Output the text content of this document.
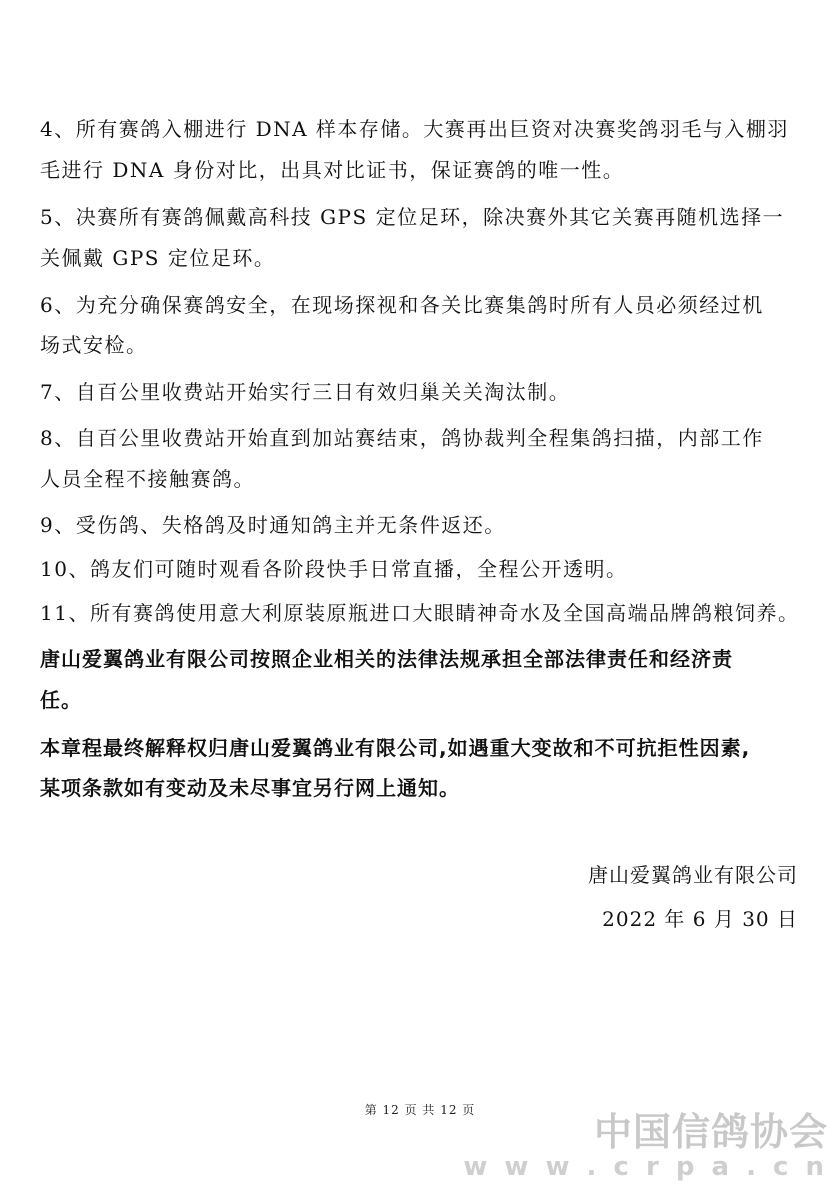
4、所有赛鸽入棚进行 DNA 样本存储。大赛再出巨资对决赛奖鸽羽毛与入棚羽
毛进行 DNA 身份对比，出具对比证书，保证赛鸽的唯一性。
5、决赛所有赛鸽佩戴高科技 GPS 定位足环，除决赛外其它关赛再随机选择一
关佩戴 GPS 定位足环。
6、为充分确保赛鸽安全，在现场探视和各关比赛集鸽时所有人员必须经过机
场式安检。
7、自百公里收费站开始实行三日有效归巢关关淘汰制。
8、自百公里收费站开始直到加站赛结束，鸽协裁判全程集鸽扫描，内部工作
人员全程不接触赛鸽。
9、受伤鸽、失格鸽及时通知鸽主并无条件返还。
10、鸽友们可随时观看各阶段快手日常直播，全程公开透明。
11、所有赛鸽使用意大利原装原瓶进口大眼睛神奇水及全国高端品牌鸽粮饲养。
唐山爱翼鸽业有限公司按照企业相关的法律法规承担全部法律责任和经济责
任。
本章程最终解释权归唐山爱翼鸽业有限公司,如遇重大变故和不可抗拒性因素,
某项条款如有变动及未尽事宜另行网上通知。
唐山爱翼鸽业有限公司
2022 年 6 月 30 日
第 12 页 共 12 页	中国信鸽协会
w w w . c r p a . c n
